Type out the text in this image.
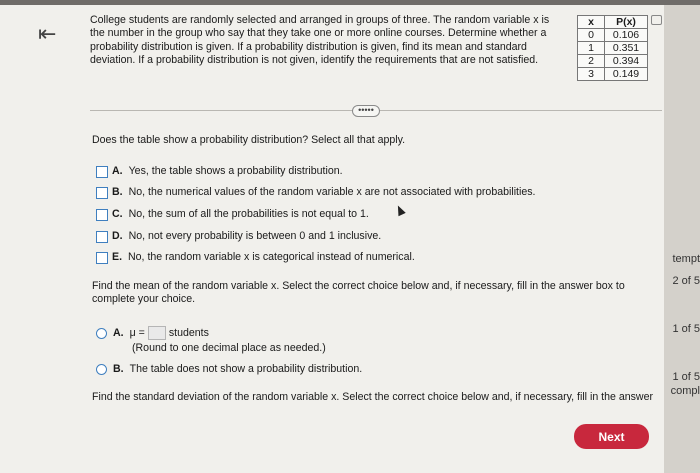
⇤
College students are randomly selected and arranged in groups of three. The random variable x is the number in the group who say that they take one or more online courses. Determine whether a probability distribution is given. If a probability distribution is given, find its mean and standard deviation. If a probability distribution is not given, identify the requirements that are not satisfied.
x	P(x)
0	0.106
1	0.351
2	0.394
3	0.149
•••••
Does the table show a probability distribution? Select all that apply.
A. Yes, the table shows a probability distribution.
B. No, the numerical values of the random variable x are not associated with probabilities.
C. No, the sum of all the probabilities is not equal to 1.
D. No, not every probability is between 0 and 1 inclusive.
E. No, the random variable x is categorical instead of numerical.
Find the mean of the random variable x. Select the correct choice below and, if necessary, fill in the answer box to complete your choice.
A. μ = students
(Round to one decimal place as needed.)
B. The table does not show a probability distribution.
Find the standard deviation of the random variable x. Select the correct choice below and, if necessary, fill in the answer
Next
tempt
2 of 5
1 of 5
1 of 5
compl
